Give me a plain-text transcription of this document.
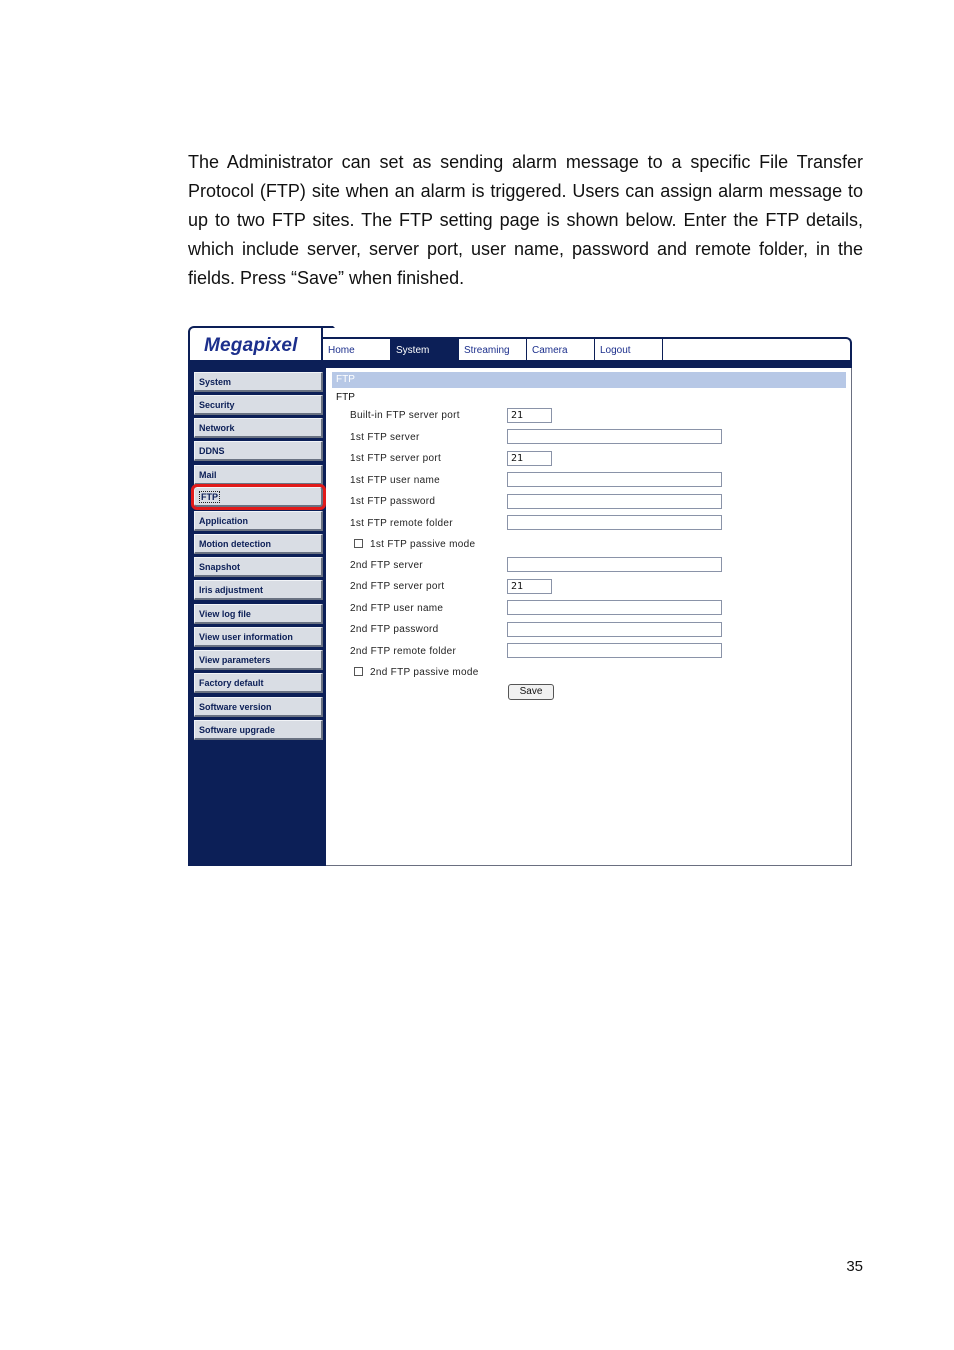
The Administrator can set as sending alarm message to a specific File Transfer Protocol (FTP) site when an alarm is triggered. Users can assign alarm message to up to two FTP sites. The FTP setting page is shown below. Enter the FTP details, which include server, server port, user name, password and remote folder, in the fields. Press “Save” when finished.

Megapixel	Home	System	Streaming	Camera	Logout
System
Security
Network
DDNS
Mail
FTP
Application
Motion detection
Snapshot
Iris adjustment
View log file
View user information
View parameters
Factory default
Software version
Software upgrade
FTP
FTP
Built-in FTP server port	21
1st FTP server
1st FTP server port	21
1st FTP user name
1st FTP password
1st FTP remote folder
1st FTP passive mode
2nd FTP server
2nd FTP server port	21
2nd FTP user name
2nd FTP password
2nd FTP remote folder
2nd FTP passive mode
Save
35
